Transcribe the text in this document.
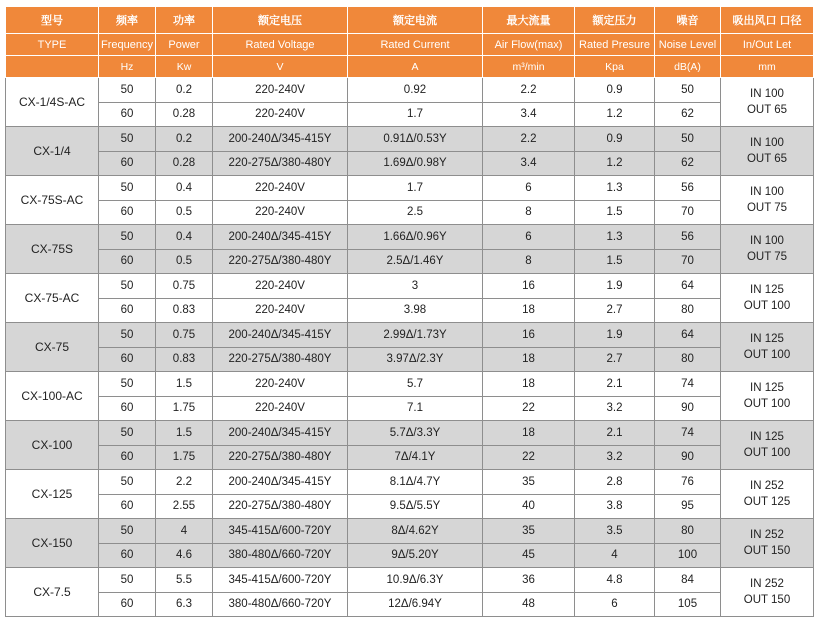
型号	频率	功率	额定电压	额定电流	最大流量	额定压力	噪音	吸出风口 口径
TYPE	Frequency	Power	Rated Voltage	Rated Current	Air Flow(max)	Rated Presure	Noise Level	In/Out Let
	Hz	Kw	V	A	m³/min	Kpa	dB(A)	mm
CX-1/4S-AC	50	0.2	220-240V	0.92	2.2	0.9	50	IN 100
OUT 65

	60	0.28	220-240V	1.7	3.4	1.2	62	
CX-1/4	50	0.2	200-240Δ/345-415Y	0.91Δ/0.53Y	2.2	0.9	50	IN 100
OUT 65

	60	0.28	220-275Δ/380-480Y	1.69Δ/0.98Y	3.4	1.2	62	
CX-75S-AC	50	0.4	220-240V	1.7	6	1.3	56	IN 100
OUT 75

	60	0.5	220-240V	2.5	8	1.5	70	
CX-75S	50	0.4	200-240Δ/345-415Y	1.66Δ/0.96Y	6	1.3	56	IN 100
OUT 75

	60	0.5	220-275Δ/380-480Y	2.5Δ/1.46Y	8	1.5	70	
CX-75-AC	50	0.75	220-240V	3	16	1.9	64	IN 125
OUT 100

	60	0.83	220-240V	3.98	18	2.7	80	
CX-75	50	0.75	200-240Δ/345-415Y	2.99Δ/1.73Y	16	1.9	64	IN 125
OUT 100

	60	0.83	220-275Δ/380-480Y	3.97Δ/2.3Y	18	2.7	80	
CX-100-AC	50	1.5	220-240V	5.7	18	2.1	74	IN 125
OUT 100

	60	1.75	220-240V	7.1	22	3.2	90	
CX-100	50	1.5	200-240Δ/345-415Y	5.7Δ/3.3Y	18	2.1	74	IN 125
OUT 100

	60	1.75	220-275Δ/380-480Y	7Δ/4.1Y	22	3.2	90	
CX-125	50	2.2	200-240Δ/345-415Y	8.1Δ/4.7Y	35	2.8	76	IN 252
OUT 125

	60	2.55	220-275Δ/380-480Y	9.5Δ/5.5Y	40	3.8	95	
CX-150	50	4	345-415Δ/600-720Y	8Δ/4.62Y	35	3.5	80	IN 252
OUT 150

	60	4.6	380-480Δ/660-720Y	9Δ/5.20Y	45	4	100	
CX-7.5	50	5.5	345-415Δ/600-720Y	10.9Δ/6.3Y	36	4.8	84	IN 252
OUT 150

	60	6.3	380-480Δ/660-720Y	12Δ/6.94Y	48	6	105	
